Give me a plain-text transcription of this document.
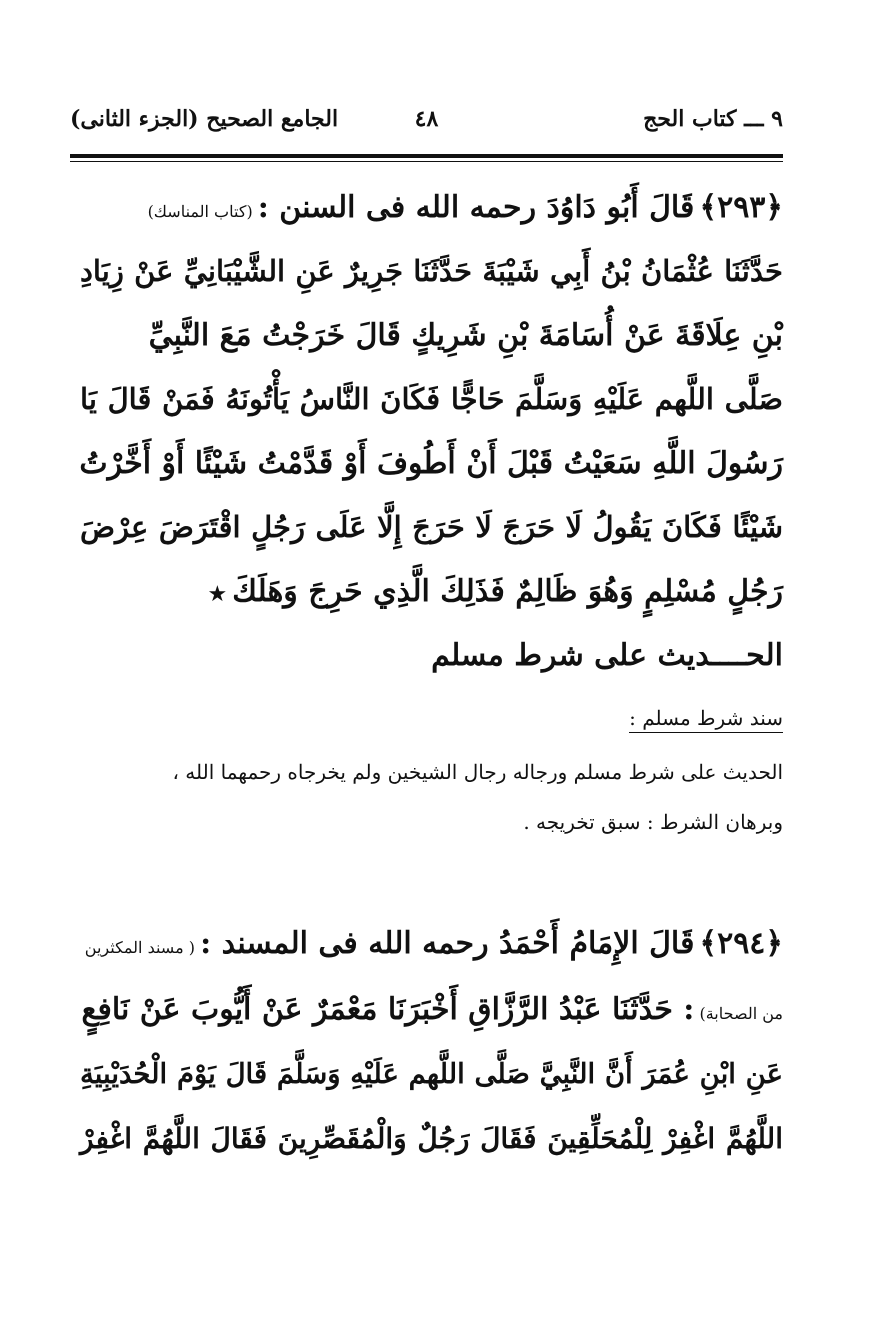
٩ ـــ كتاب الحج
٤٨
الجامع الصحيح (الجزء الثانى)
﴿٢٩٣﴾ قَالَ أَبُو دَاوُدَ رحمه الله فى السنن : (كتاب المناسك)
حَدَّثَنَا عُثْمَانُ بْنُ أَبِي شَيْبَةَ حَدَّثَنَا جَرِيرٌ عَنِ الشَّيْبَانِيِّ عَنْ زِيَادِ
بْنِ عِلَاقَةَ عَنْ أُسَامَةَ بْنِ شَرِيكٍ قَالَ خَرَجْتُ مَعَ النَّبِيِّ
صَلَّى اللَّهم عَلَيْهِ وَسَلَّمَ حَاجًّا فَكَانَ النَّاسُ يَأْتُونَهُ فَمَنْ قَالَ يَا
رَسُولَ اللَّهِ سَعَيْتُ قَبْلَ أَنْ أَطُوفَ أَوْ قَدَّمْتُ شَيْئًا أَوْ أَخَّرْتُ
شَيْئًا فَكَانَ يَقُولُ لَا حَرَجَ لَا حَرَجَ إِلَّا عَلَى رَجُلٍ اقْتَرَضَ عِرْضَ
رَجُلٍ مُسْلِمٍ وَهُوَ ظَالِمٌ فَذَلِكَ الَّذِي حَرِجَ وَهَلَكَ ★
الحــــديث على شرط مسلم
سند شرط مسلم :
الحديث على شرط مسلم ورجاله رجال الشيخين ولم يخرجاه رحمهما الله ،
وبرهان الشرط : سبق تخريجه .
﴿٢٩٤﴾ قَالَ الإِمَامُ أَحْمَدُ رحمه الله فى المسند : ( مسند المكثرين
من الصحابة) : حَدَّثَنَا عَبْدُ الرَّزَّاقِ أَخْبَرَنَا مَعْمَرٌ عَنْ أَيُّوبَ عَنْ نَافِعٍ
عَنِ ابْنِ عُمَرَ أَنَّ النَّبِيَّ صَلَّى اللَّهم عَلَيْهِ وَسَلَّمَ قَالَ يَوْمَ الْحُدَيْبِيَةِ
اللَّهُمَّ اغْفِرْ لِلْمُحَلِّقِينَ فَقَالَ رَجُلٌ وَالْمُقَصِّرِينَ فَقَالَ اللَّهُمَّ اغْفِرْ
